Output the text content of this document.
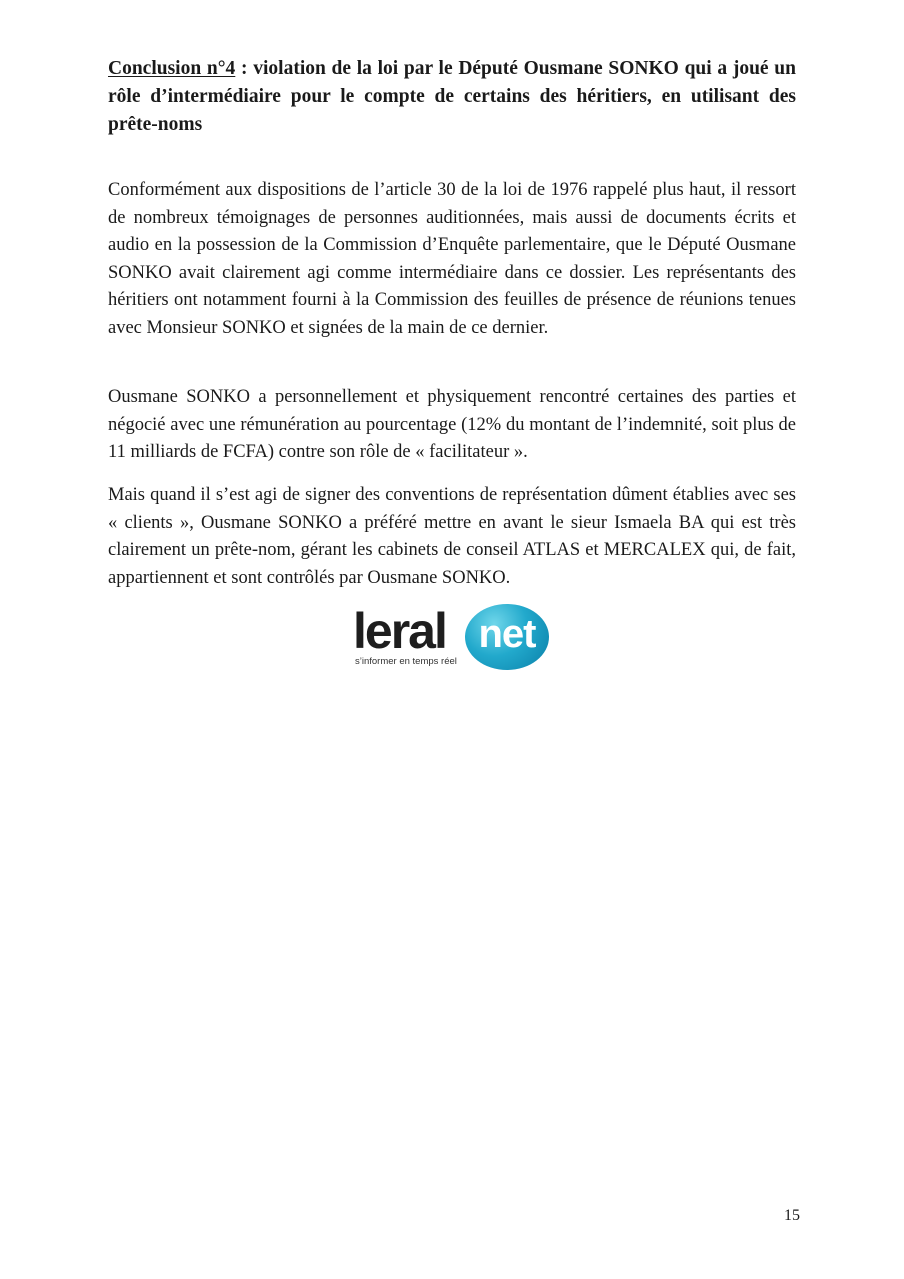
Conclusion n°4 : violation de la loi par le Député Ousmane SONKO qui a joué un rôle d’intermédiaire pour le compte de certains des héritiers, en utilisant des prête-noms

Conformément aux dispositions de l’article 30 de la loi de 1976 rappelé plus haut, il ressort de nombreux témoignages de personnes auditionnées, mais aussi de documents écrits et audio en la possession de la Commission d’Enquête parlementaire, que le Député Ousmane SONKO avait clairement agi comme intermédiaire dans ce dossier. Les représentants des héritiers ont notamment fourni à la Commission des feuilles de présence de réunions tenues avec Monsieur SONKO et signées de la main de ce dernier.

Ousmane SONKO a personnellement et physiquement rencontré certaines des parties et négocié avec une rémunération au pourcentage (12% du montant de l’indemnité, soit plus de 11 milliards de FCFA) contre son rôle de « facilitateur ».

Mais quand il s’est agi de signer des conventions de représentation dûment établies avec ses « clients », Ousmane SONKO a préféré mettre en avant le sieur Ismaela BA qui est très clairement un prête-nom, gérant les cabinets de conseil ATLAS et MERCALEX qui, de fait, appartiennent et sont contrôlés par Ousmane SONKO.

leral net
s’informer en temps réel
15
